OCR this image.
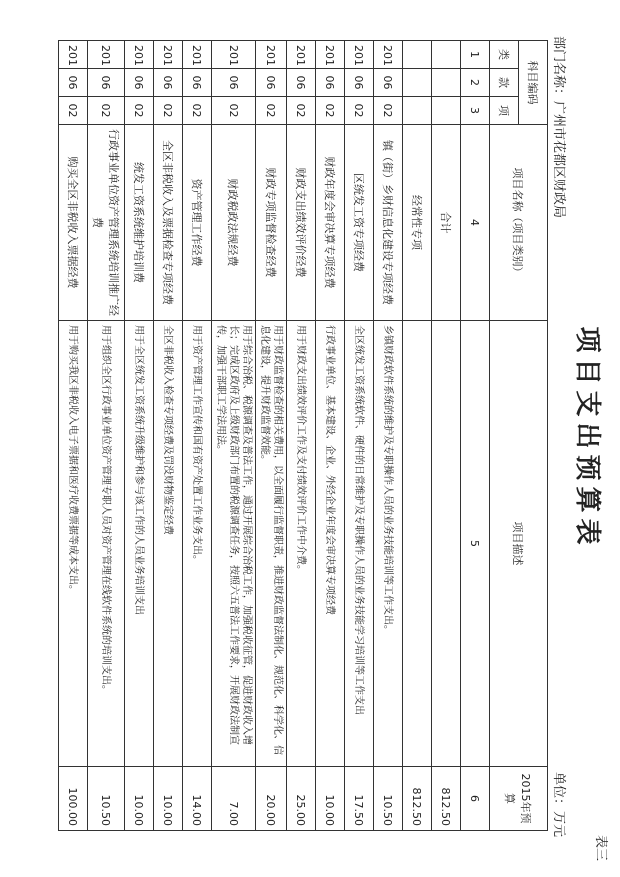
项目支出预算表
表三
部门名称：广州市花都区财政局
单位：万元
科目编码			项目名称（项目类别）	项目描述	2015年预算
类	款	项			
1	2	3	4	5	6
			合计		812.50
			经常性专项		812.50
201	06	02	镇（街）乡财信息化建设专项经费	乡镇财政软件系统的维护及专职操作人员的业务技能培训等工作支出。	10.50
201	06	02	区统发工资专项经费	全区统发工资系统软件、硬件的日常维护及专职操作人员的业务技能学习培训等工作支出	17.50
201	06	02	财政年度会审决算专项经费	行政事业单位、基本建设、企业、外经企业年度会审决算专项经费	10.00
201	06	02	财政支出绩效评价经费	用于财政支出绩效评价工作及支付绩效评价工作中介费。	25.00
201	06	02	财政专项监督检查经费	用于财政监督检查的相关费用，以全面履行监督职责，推进财政监督法制化、规范化、科学化、信息化建设，提升财政监督效能。	20.00
201	06	02	财政税政法规经费	用于综合治税、税源调查及普法工作，通过开展综合治税工作，加强税收征管，促进财政收入增长；完成区政府及上级财政部门布置的税源调查任务，按照六五普法工作要求，开展财政法制宣传，加强干部职工学法用法。	7.00
201	06	02	资产管理工作经费	用于资产管理工作宣传和国有资产处置工作业务支出。	14.00
201	06	02	全区非税收入及票据检查专项经费	全区非税收入检查专项经费及罚没财物鉴定经费	10.00
201	06	02	统发工资系统维护培训费	用于全区统发工资系统升级维护和参与该工作的人员业务培训支出	10.00
201	06	02	行政事业单位资产管理系统培训推广经费	用于组织全区行政事业单位资产管理专职人员对资产管理在线软件系统的培训支出。	10.50
201	06	02	购买全区非税收入票据经费	用于购买我区非税收入电子票据和医疗收费票据等成本支出。	100.00
